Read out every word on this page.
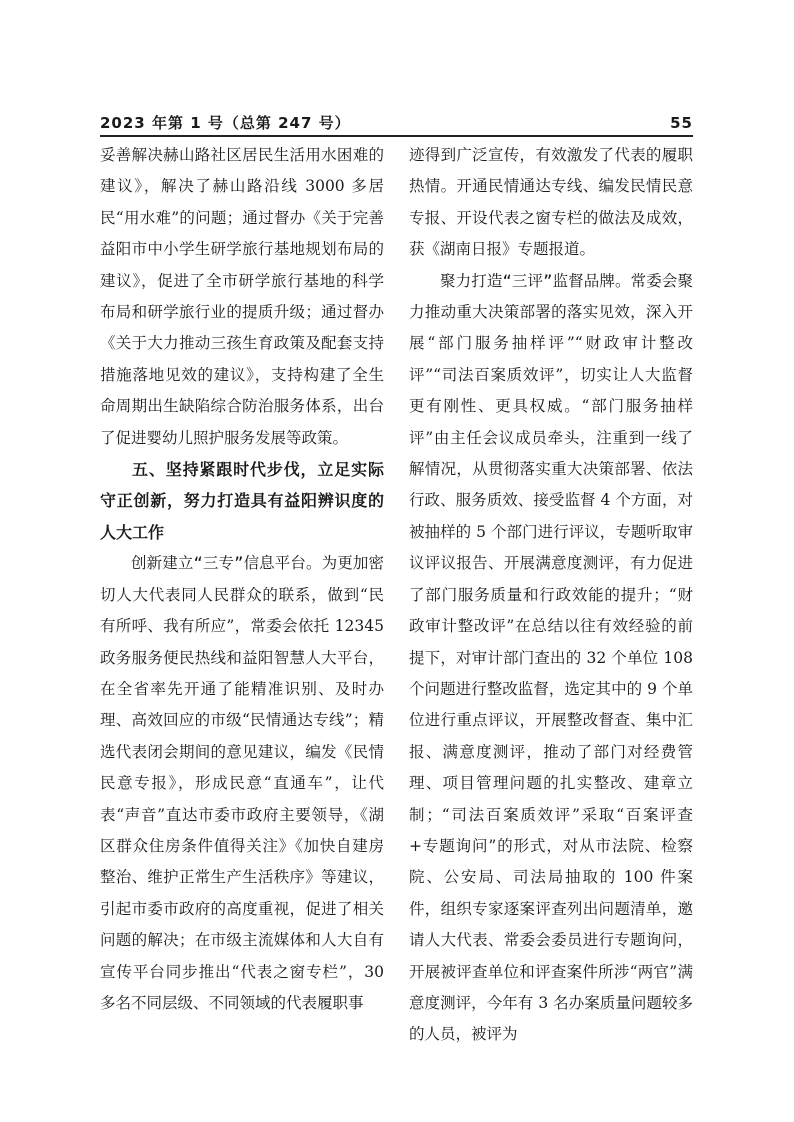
2023 年第 1 号（总第 247 号）	55

妥善解决赫山路社区居民生活用水困难的建议》，解决了赫山路沿线 3000 多居民“用水难”的问题；通过督办《关于完善益阳市中小学生研学旅行基地规划布局的建议》，促进了全市研学旅行基地的科学布局和研学旅行业的提质升级；通过督办《关于大力推动三孩生育政策及配套支持措施落地见效的建议》，支持构建了全生命周期出生缺陷综合防治服务体系，出台了促进婴幼儿照护服务发展等政策。

五、坚持紧跟时代步伐，立足实际守正创新，努力打造具有益阳辨识度的人大工作

创新建立“三专”信息平台。为更加密切人大代表同人民群众的联系，做到“民有所呼、我有所应”，常委会依托 12345 政务服务便民热线和益阳智慧人大平台，在全省率先开通了能精准识别、及时办理、高效回应的市级“民情通达专线”；精选代表闭会期间的意见建议，编发《民情民意专报》，形成民意“直通车”，让代表“声音”直达市委市政府主要领导，《湖区群众住房条件值得关注》《加快自建房整治、维护正常生产生活秩序》等建议，引起市委市政府的高度重视，促进了相关问题的解决；在市级主流媒体和人大自有宣传平台同步推出“代表之窗专栏”，30 多名不同层级、不同领域的代表履职事

迹得到广泛宣传，有效激发了代表的履职热情。开通民情通达专线、编发民情民意专报、开设代表之窗专栏的做法及成效，获《湖南日报》专题报道。

聚力打造“三评”监督品牌。常委会聚力推动重大决策部署的落实见效，深入开展“部门服务抽样评”“财政审计整改评”“司法百案质效评”，切实让人大监督更有刚性、更具权威。“部门服务抽样评”由主任会议成员牵头，注重到一线了解情况，从贯彻落实重大决策部署、依法行政、服务质效、接受监督 4 个方面，对被抽样的 5 个部门进行评议，专题听取审议评议报告、开展满意度测评，有力促进了部门服务质量和行政效能的提升；“财政审计整改评”在总结以往有效经验的前提下，对审计部门查出的 32 个单位 108 个问题进行整改监督，选定其中的 9 个单位进行重点评议，开展整改督查、集中汇报、满意度测评，推动了部门对经费管理、项目管理问题的扎实整改、建章立制；“司法百案质效评”采取“百案评查+专题询问”的形式，对从市法院、检察院、公安局、司法局抽取的 100 件案件，组织专家逐案评查列出问题清单，邀请人大代表、常委会委员进行专题询问，开展被评查单位和评查案件所涉“两官”满意度测评，今年有 3 名办案质量问题较多的人员，被评为
